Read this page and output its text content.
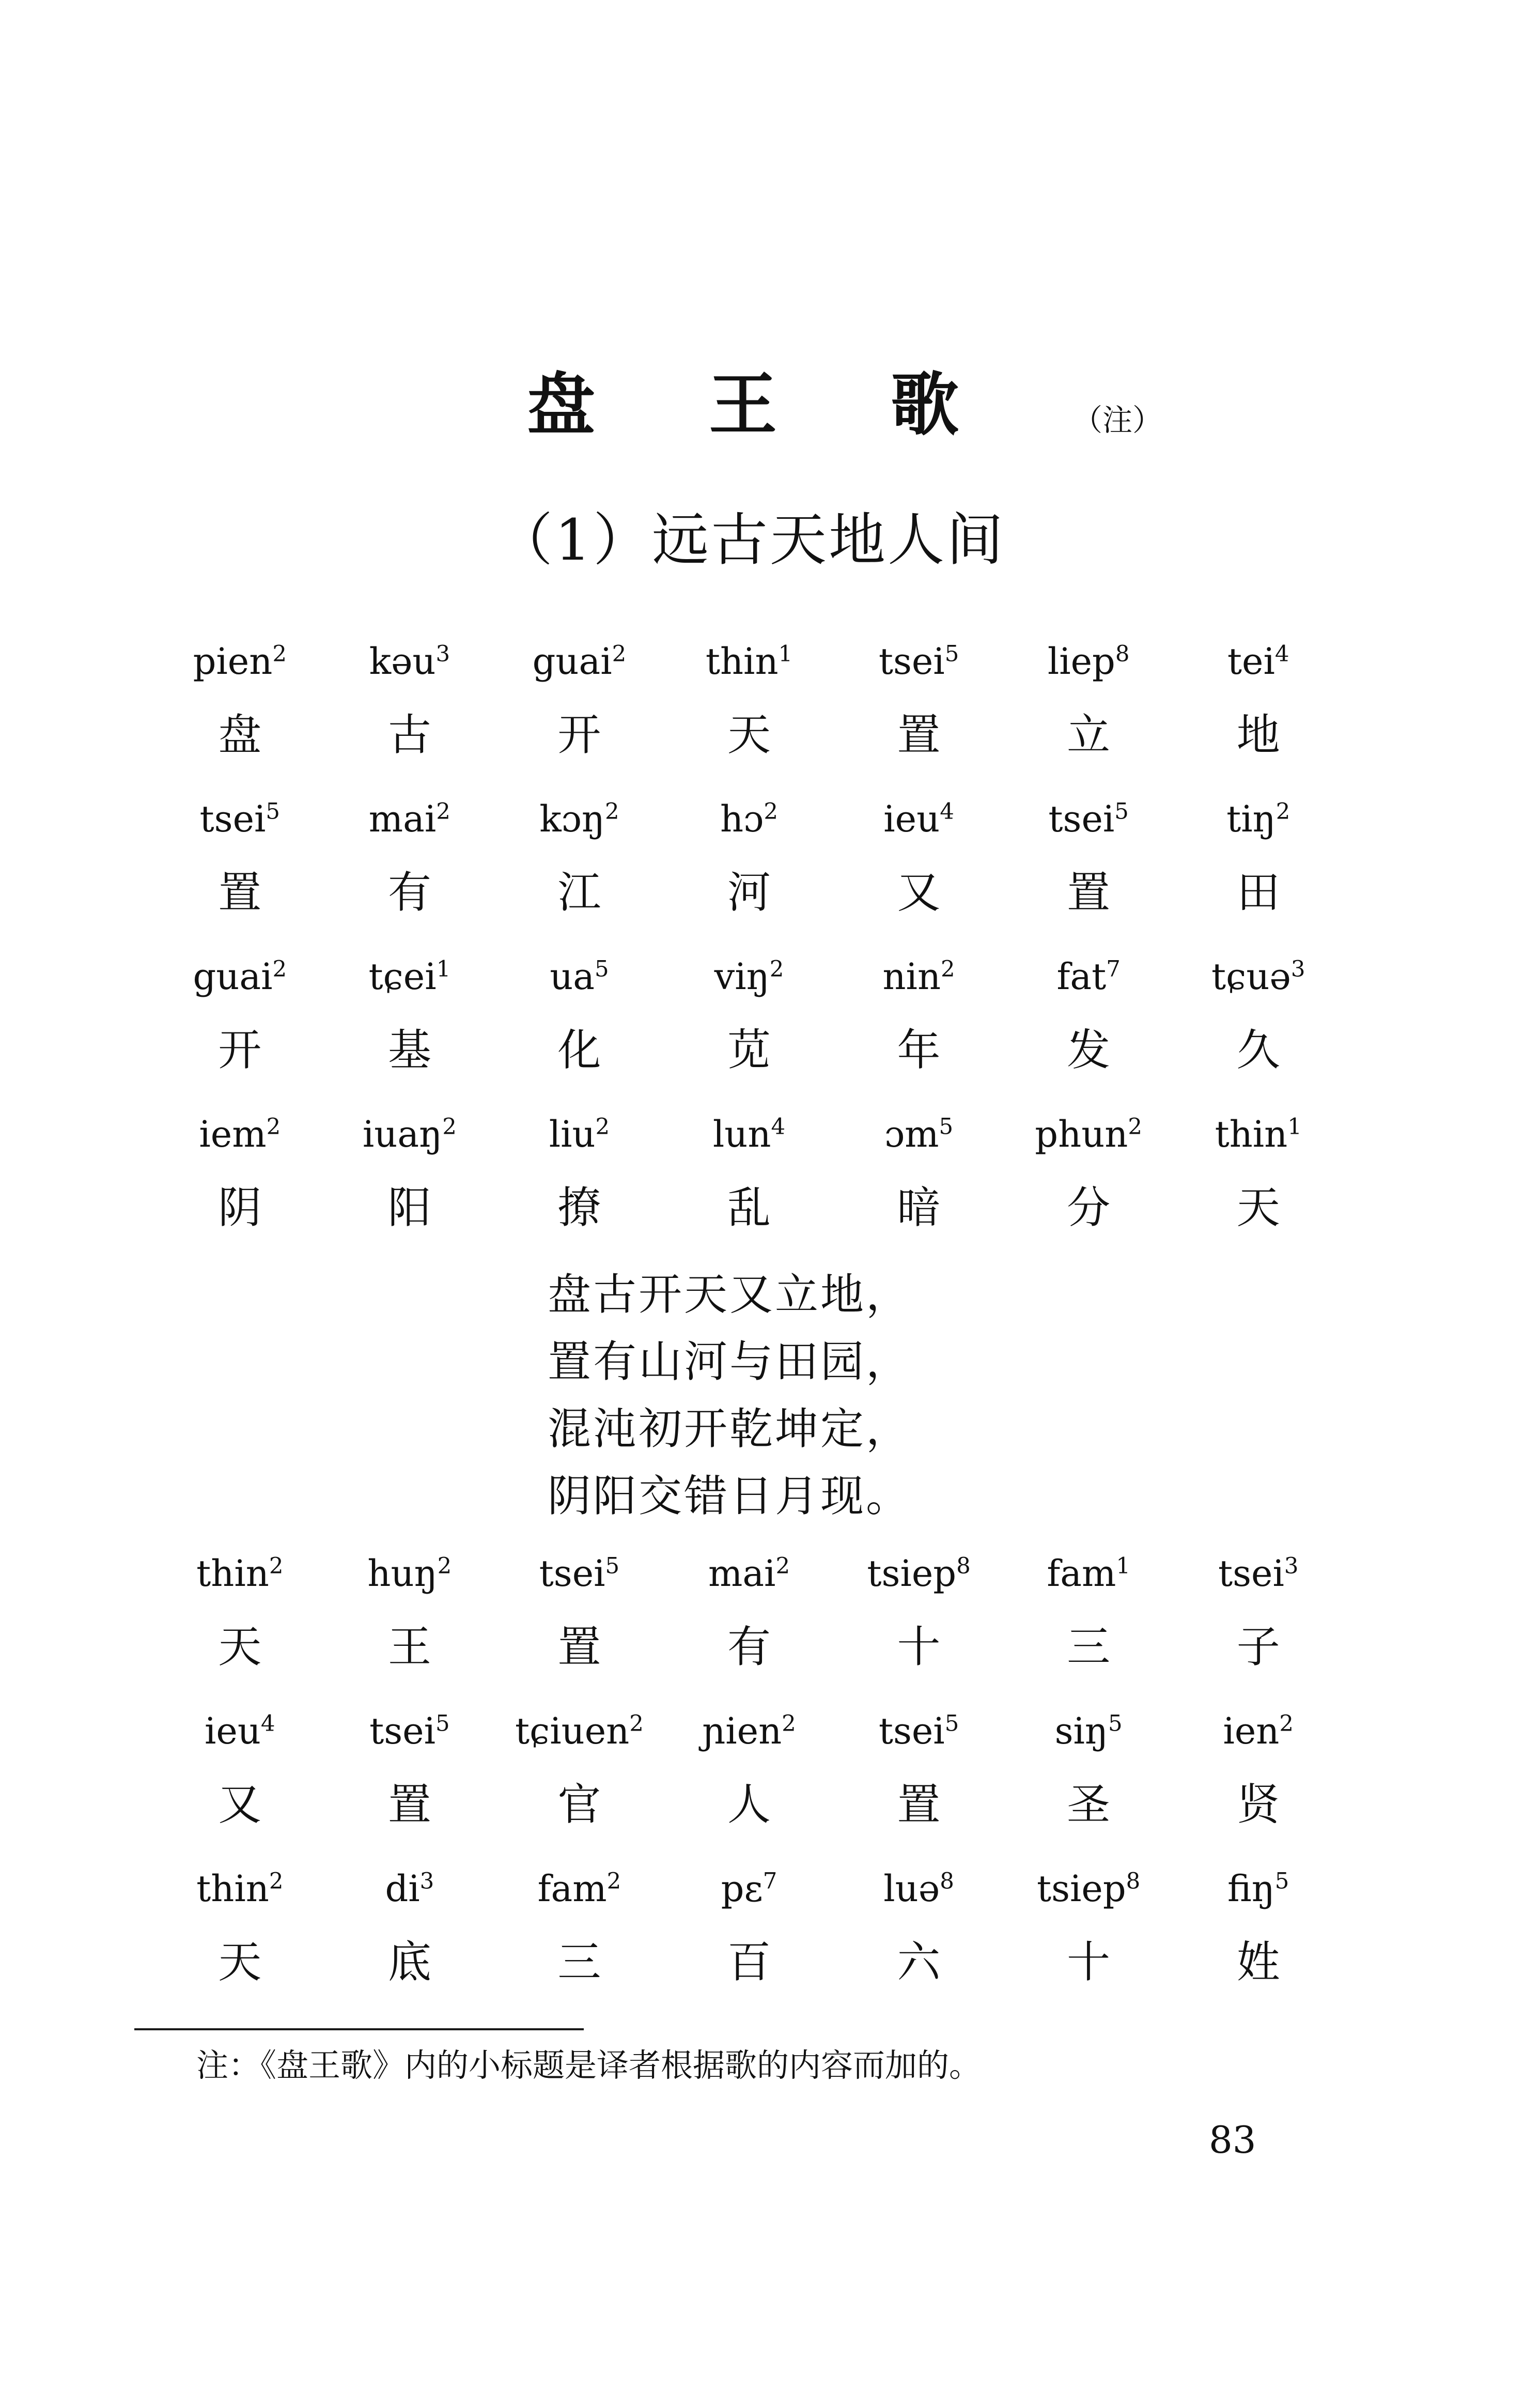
盘 王 歌	（注）
（1）远古天地人间
pien$^2$
盘
kəu$^3$
古
guai$^2$
开
thin$^1$
天
tsei$^5$
置
liep$^8$
立
tei$^4$
地
tsei$^5$
置
mai$^2$
有
kɔŋ$^2$
江
hɔ$^2$
河
ieu$^4$
又
tsei$^5$
置
tiŋ$^2$
田
guai$^2$
开
tɕei$^1$
基
$ua^5$
化
viŋ$^2$
苋
nin$^2$
年
fat$^7$
发
tɕuə$^3$
久
iem$^2$
阴
iuaŋ$^2$
阳
liu$^2$
撩
lun$^4$
乱
ɔm$^5$
暗
phun$^2$
分
thin$^1$
天
盘古开天又立地，
置有山河与田园，
混沌初开乾坤定，
阴阳交错日月现。
thin$^2$
天
huŋ$^2$
王
tsei$^5$
置
mai$^2$
有
tsiep$^8$
十
fam$^1$
三
tsei$^3$
子
ieu$^4$
又
tsei$^5$
置
tɕiuen$^2$
官
ɲien$^2$
人
tsei$^5$
置
siŋ$^5$
圣
ien$^2$
贤
thin$^2$
天
$di^3$
底
fam$^2$
三
pɛ$^7$
百
luə$^8$
六
tsiep$^8$
十
fiŋ$^5$
姓
注：《盘王歌》内的小标题是译者根据歌的内容而加的。
83
